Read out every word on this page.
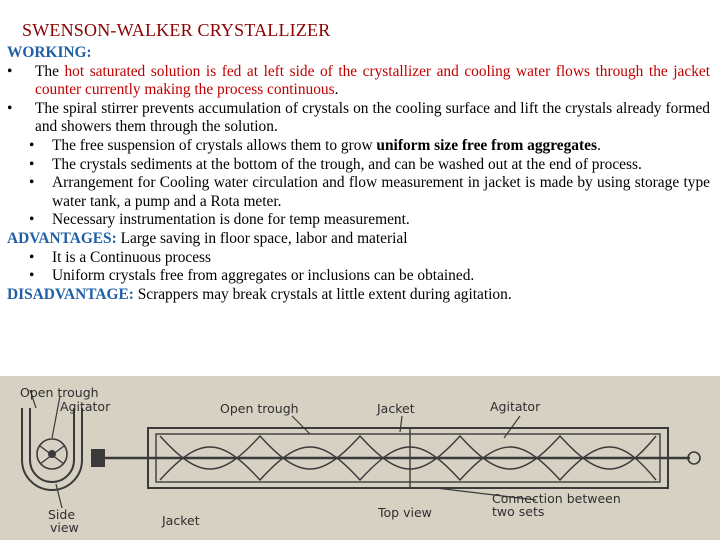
SWENSON-WALKER CRYSTALLIZER
WORKING:
• The hot saturated solution is fed at left side of the crystallizer and cooling water flows through the jacket counter currently making the process continuous.
• The spiral stirrer prevents accumulation of crystals on the cooling surface and lift the crystals already formed and showers them through the solution.
• The free suspension of crystals allows them to grow uniform size free from aggregates.
• The crystals sediments at the bottom of the trough, and can be washed out at the end of process.
• Arrangement for Cooling water circulation and flow measurement in jacket is made by using storage type water tank, a pump and a Rota meter.
• Necessary instrumentation is done for temp measurement.
ADVANTAGES: Large saving in floor space, labor and material
• It is a Continuous process
• Uniform crystals free from aggregates or inclusions can be obtained.
DISADVANTAGE: Scrappers may break crystals at little extent during agitation.
Open trough
Agitator
Side
view	Jacket
Open trough	Jacket	Agitator
Top view
Connection between
two sets
